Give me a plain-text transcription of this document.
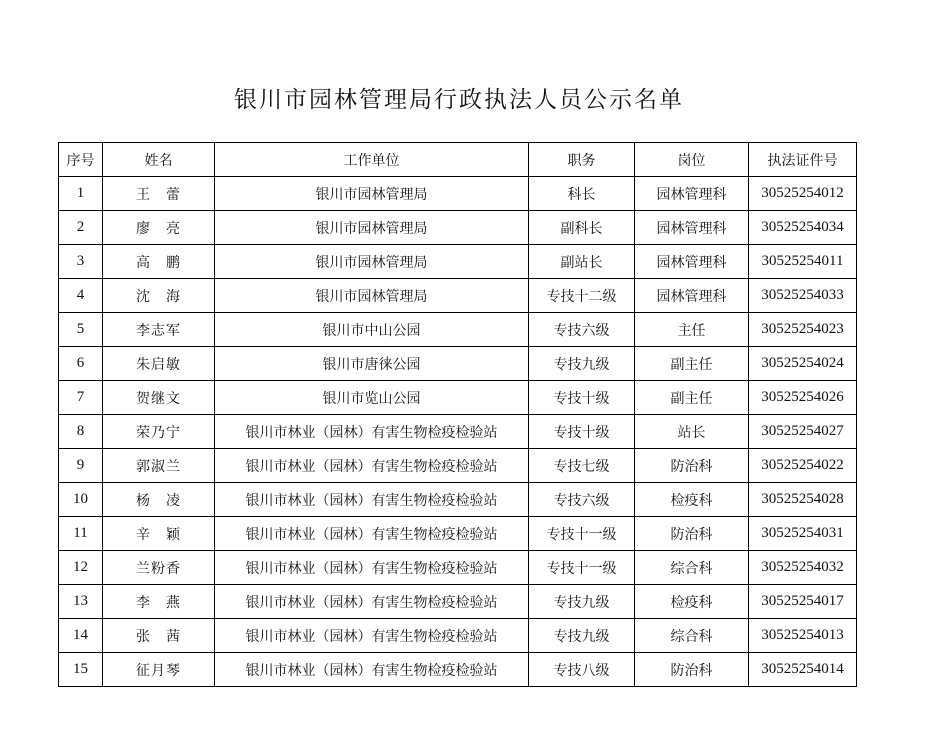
银川市园林管理局行政执法人员公示名单
序号	姓名	工作单位	职务	岗位	执法证件号
1	王　蕾	银川市园林管理局	科长	园林管理科	30525254012
2	廖　亮	银川市园林管理局	副科长	园林管理科	30525254034
3	高　鹏	银川市园林管理局	副站长	园林管理科	30525254011
4	沈　海	银川市园林管理局	专技十二级	园林管理科	30525254033
5	李志军	银川市中山公园	专技六级	主任	30525254023
6	朱启敏	银川市唐徕公园	专技九级	副主任	30525254024
7	贺继文	银川市览山公园	专技十级	副主任	30525254026
8	荣乃宁	银川市林业（园林）有害生物检疫检验站	专技十级	站长	30525254027
9	郭淑兰	银川市林业（园林）有害生物检疫检验站	专技七级	防治科	30525254022
10	杨　凌	银川市林业（园林）有害生物检疫检验站	专技六级	检疫科	30525254028
11	辛　颖	银川市林业（园林）有害生物检疫检验站	专技十一级	防治科	30525254031
12	兰粉香	银川市林业（园林）有害生物检疫检验站	专技十一级	综合科	30525254032
13	李　燕	银川市林业（园林）有害生物检疫检验站	专技九级	检疫科	30525254017
14	张　茜	银川市林业（园林）有害生物检疫检验站	专技九级	综合科	30525254013
15	征月琴	银川市林业（园林）有害生物检疫检验站	专技八级	防治科	30525254014
